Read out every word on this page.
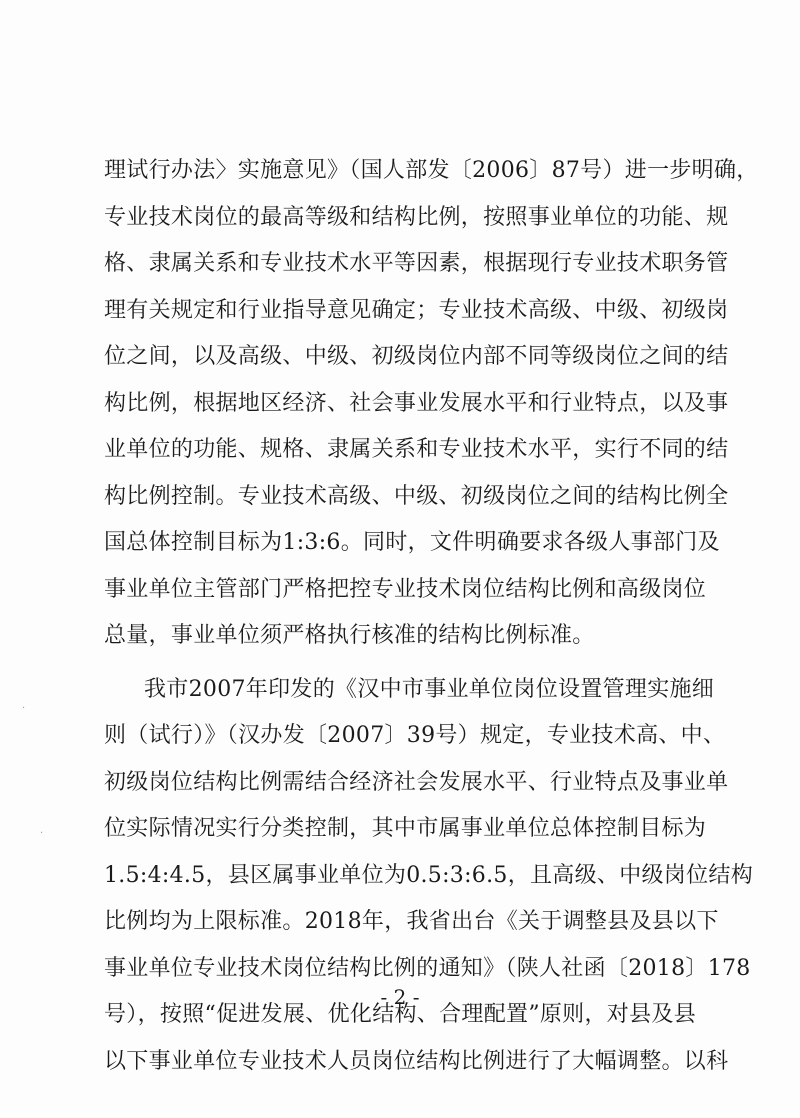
·
·
理试行办法〉实施意见》（国人部发〔2006〕87号）进一步明确，
专业技术岗位的最高等级和结构比例，按照事业单位的功能、规
格、隶属关系和专业技术水平等因素，根据现行专业技术职务管
理有关规定和行业指导意见确定；专业技术高级、中级、初级岗
位之间，以及高级、中级、初级岗位内部不同等级岗位之间的结
构比例，根据地区经济、社会事业发展水平和行业特点，以及事
业单位的功能、规格、隶属关系和专业技术水平，实行不同的结
构比例控制。专业技术高级、中级、初级岗位之间的结构比例全
国总体控制目标为1:3:6。同时，文件明确要求各级人事部门及
事业单位主管部门严格把控专业技术岗位结构比例和高级岗位
总量，事业单位须严格执行核准的结构比例标准。
我市2007年印发的《汉中市事业单位岗位设置管理实施细
则（试行）》（汉办发〔2007〕39号）规定，专业技术高、中、
初级岗位结构比例需结合经济社会发展水平、行业特点及事业单
位实际情况实行分类控制，其中市属事业单位总体控制目标为
1.5:4:4.5，县区属事业单位为0.5:3:6.5，且高级、中级岗位结构
比例均为上限标准。2018年，我省出台《关于调整县及县以下
事业单位专业技术岗位结构比例的通知》（陕人社函〔2018〕178
号），按照“促进发展、优化结构、合理配置”原则，对县及县
以下事业单位专业技术人员岗位结构比例进行了大幅调整。以科
- 2 -
